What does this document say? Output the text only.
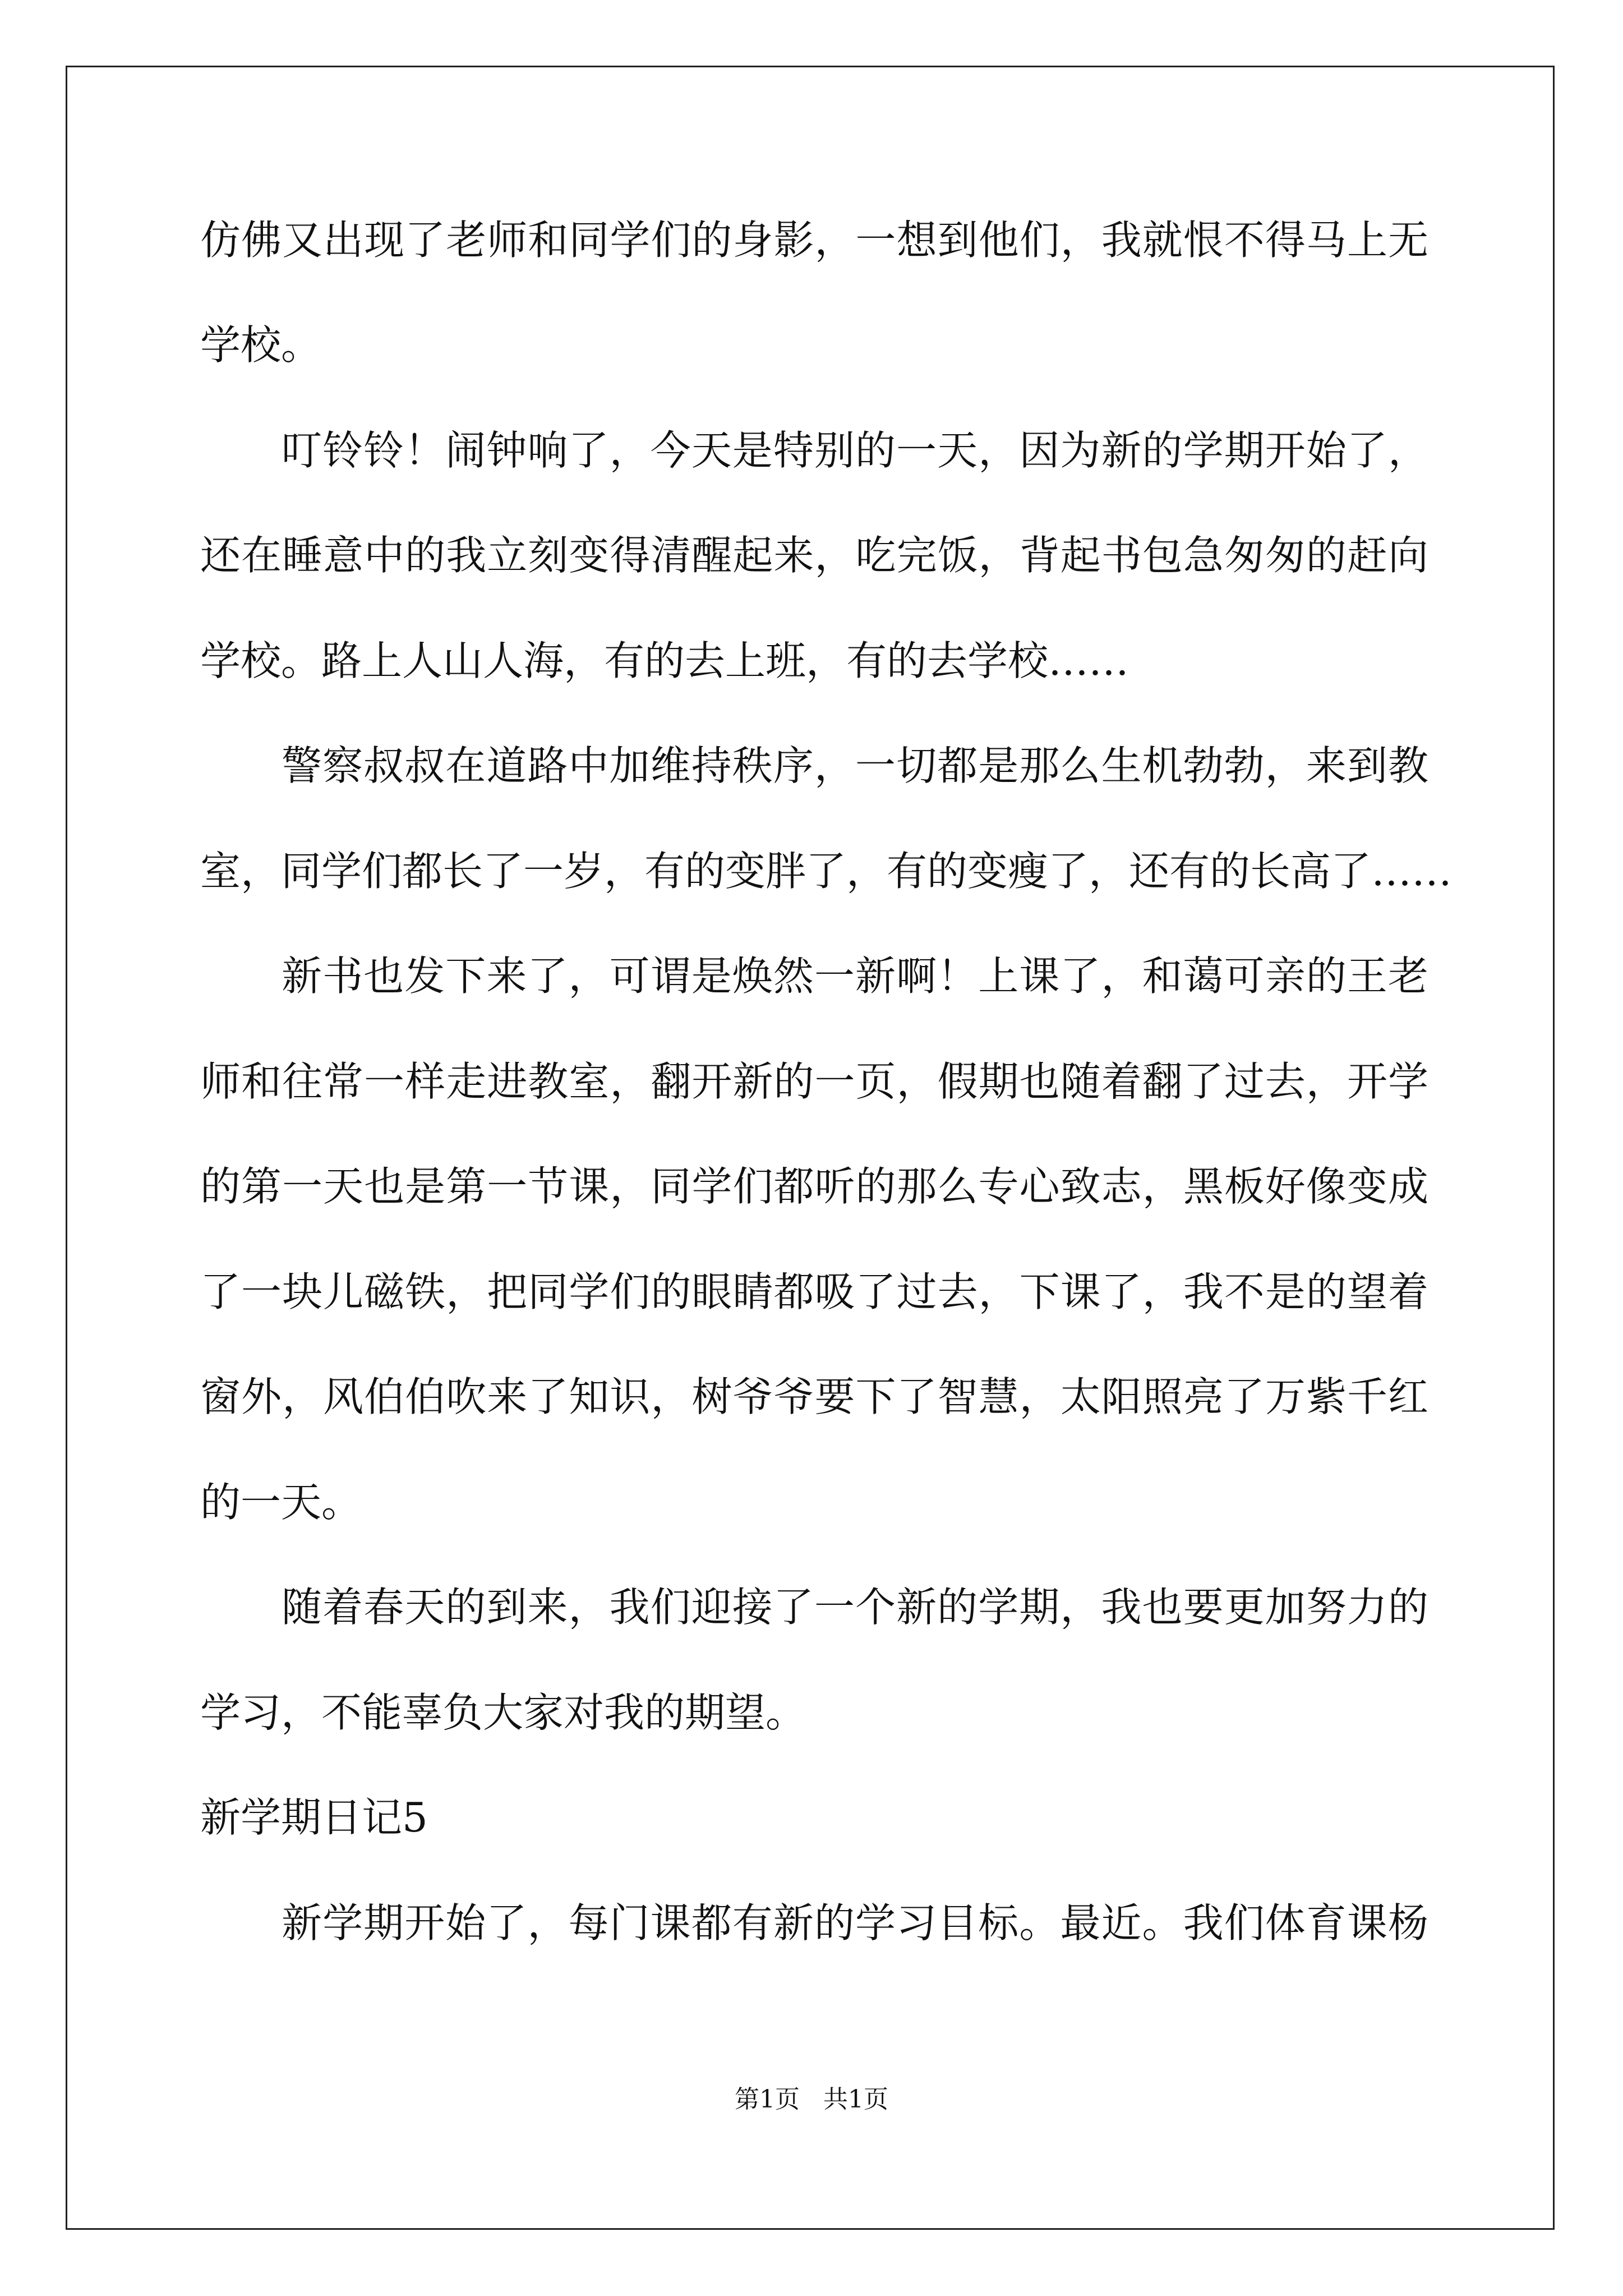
仿佛又出现了老师和同学们的身影，一想到他们，我就恨不得马上无
学校。
叮铃铃！闹钟响了，今天是特别的一天，因为新的学期开始了，
还在睡意中的我立刻变得清醒起来，吃完饭，背起书包急匆匆的赶向
学校。路上人山人海，有的去上班，有的去学校……
警察叔叔在道路中加维持秩序，一切都是那么生机勃勃，来到教
室，同学们都长了一岁，有的变胖了，有的变瘦了，还有的长高了……
新书也发下来了，可谓是焕然一新啊！上课了，和蔼可亲的王老
师和往常一样走进教室，翻开新的一页，假期也随着翻了过去，开学
的第一天也是第一节课，同学们都听的那么专心致志，黑板好像变成
了一块儿磁铁，把同学们的眼睛都吸了过去，下课了，我不是的望着
窗外，风伯伯吹来了知识，树爷爷要下了智慧，太阳照亮了万紫千红
的一天。
随着春天的到来，我们迎接了一个新的学期，我也要更加努力的
学习，不能辜负大家对我的期望。
新学期日记5
新学期开始了，每门课都有新的学习目标。最近。我们体育课杨
第1页   共1页
